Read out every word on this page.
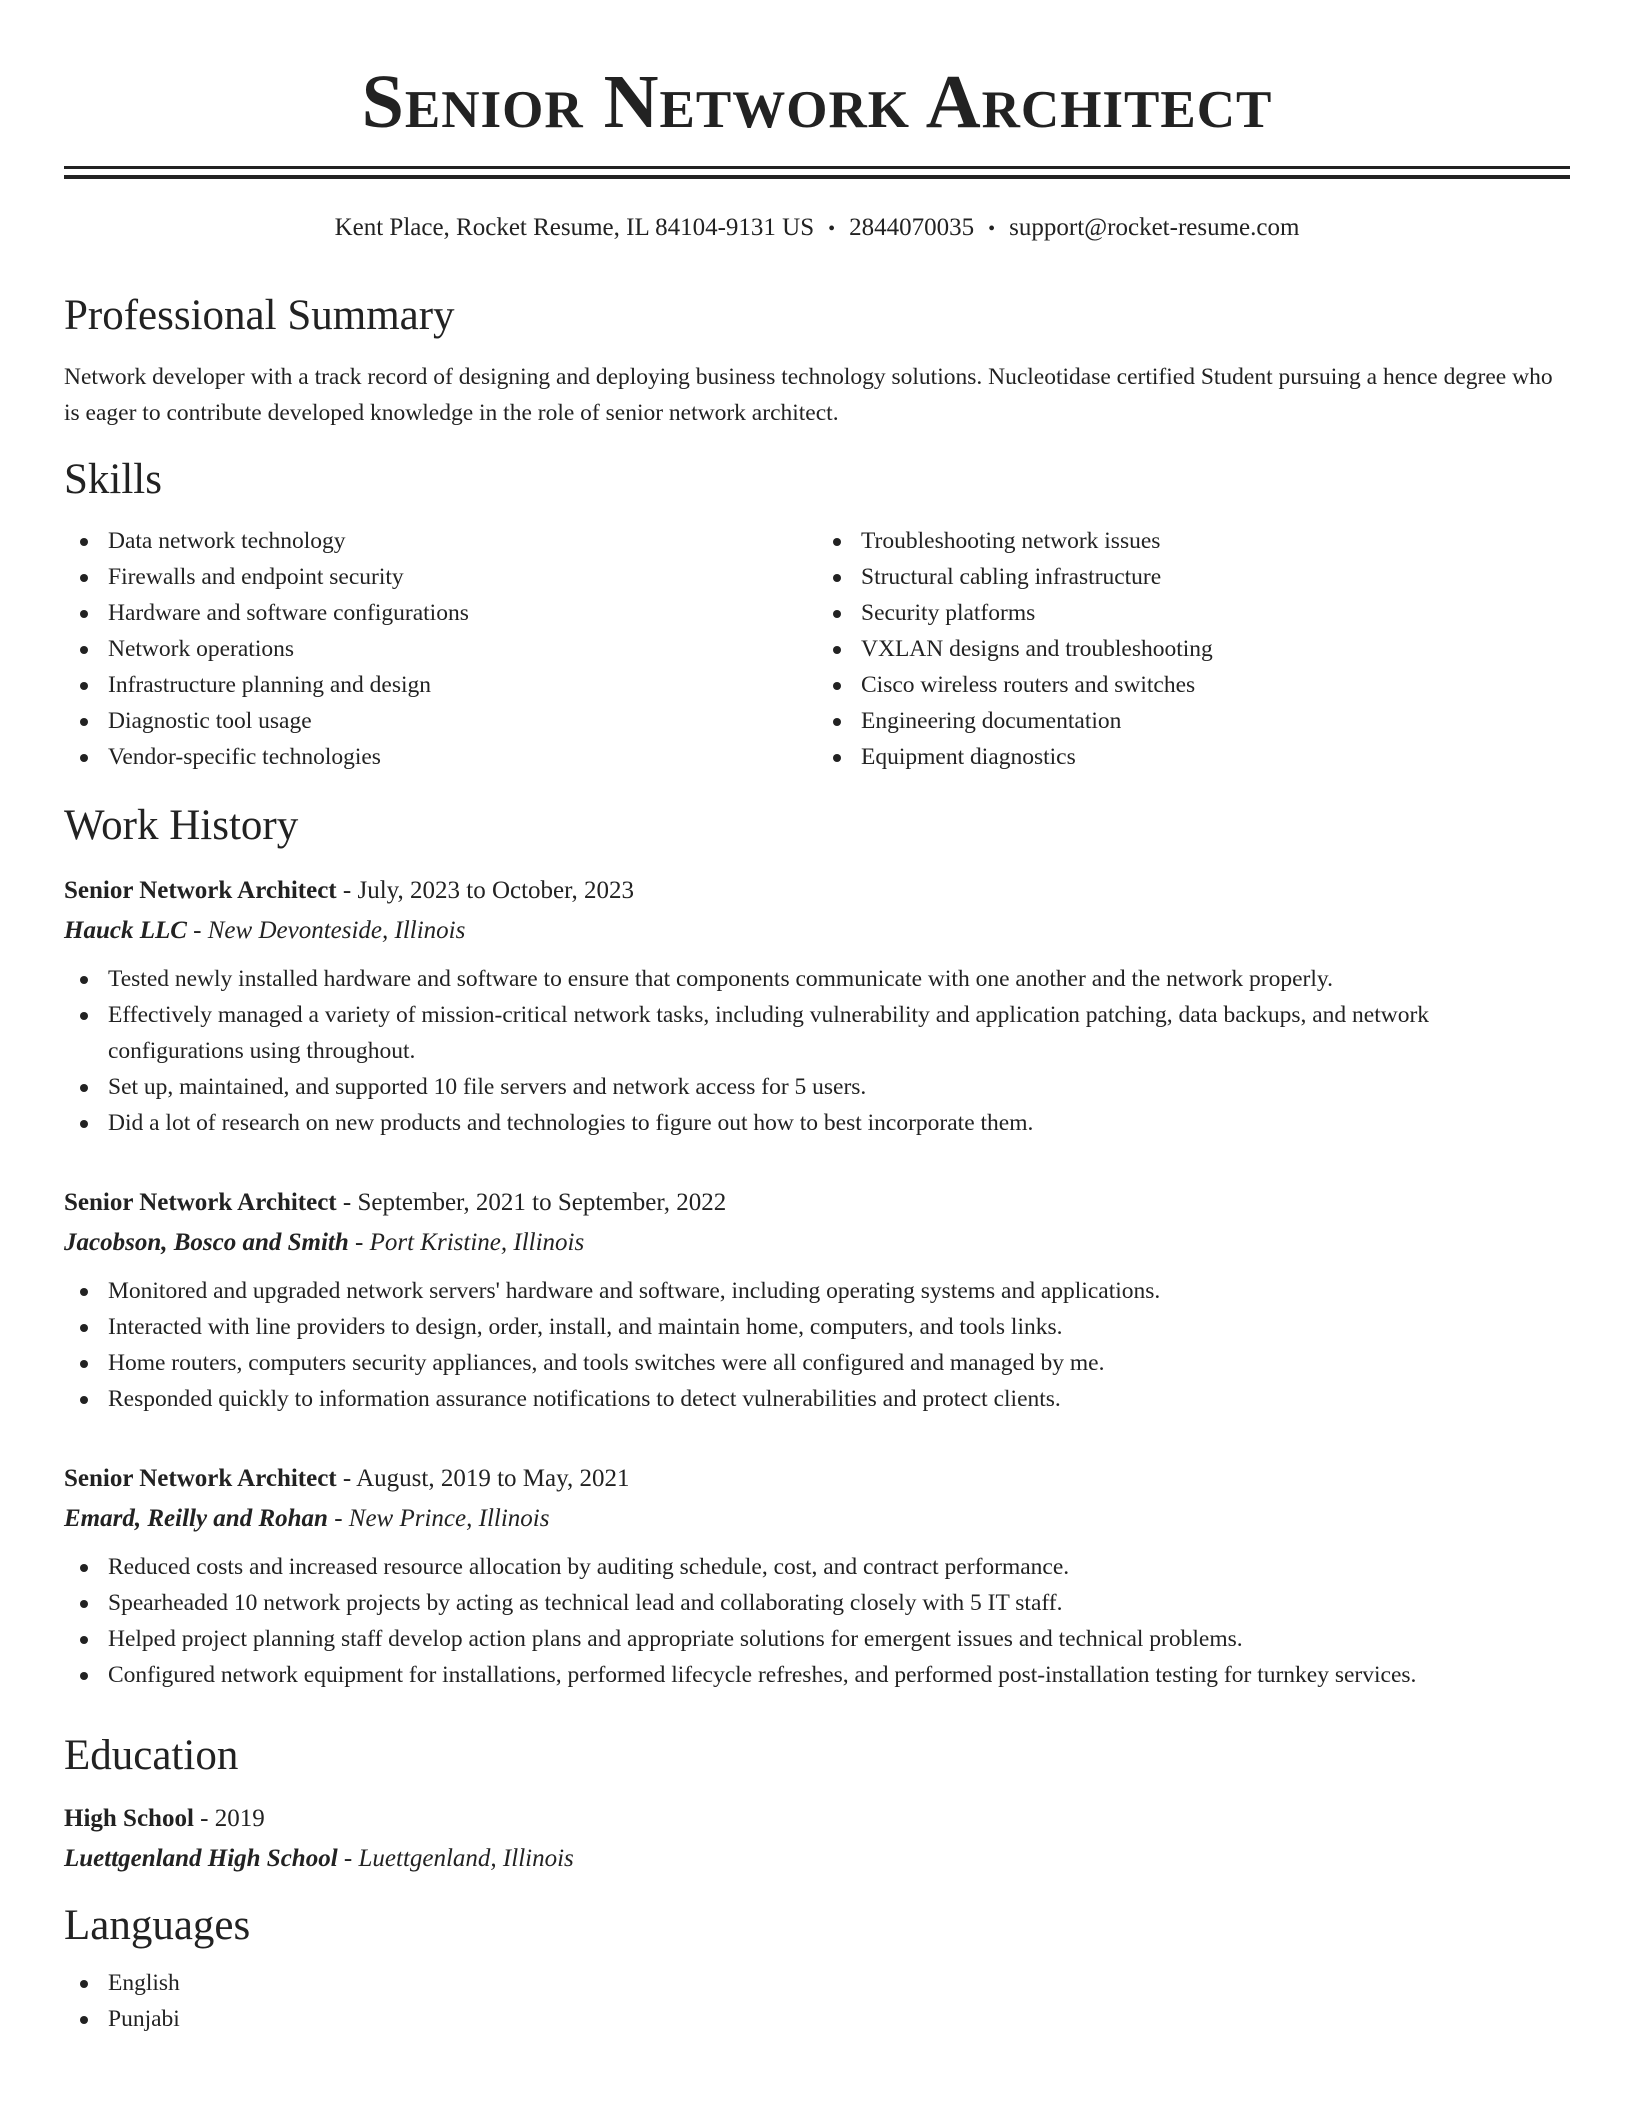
Senior Network Architect
Kent Place, Rocket Resume, IL 84104-9131 US • 2844070035 • support@rocket-resume.com
Professional Summary

Network developer with a track record of designing and deploying business technology solutions. Nucleotidase certified Student pursuing a hence degree who is eager to contribute developed knowledge in the role of senior network architect.

Skills
Data network technology
Firewalls and endpoint security
Hardware and software configurations
Network operations
Infrastructure planning and design
Diagnostic tool usage
Vendor-specific technologies
Troubleshooting network issues
Structural cabling infrastructure
Security platforms
VXLAN designs and troubleshooting
Cisco wireless routers and switches
Engineering documentation
Equipment diagnostics
Work History
Senior Network Architect - July, 2023 to October, 2023
Hauck LLC - New Devonteside, Illinois
Tested newly installed hardware and software to ensure that components communicate with one another and the network properly.
Effectively managed a variety of mission-critical network tasks, including vulnerability and application patching, data backups, and network configurations using throughout.
Set up, maintained, and supported 10 file servers and network access for 5 users.
Did a lot of research on new products and technologies to figure out how to best incorporate them.
Senior Network Architect - September, 2021 to September, 2022
Jacobson, Bosco and Smith - Port Kristine, Illinois
Monitored and upgraded network servers' hardware and software, including operating systems and applications.
Interacted with line providers to design, order, install, and maintain home, computers, and tools links.
Home routers, computers security appliances, and tools switches were all configured and managed by me.
Responded quickly to information assurance notifications to detect vulnerabilities and protect clients.
Senior Network Architect - August, 2019 to May, 2021
Emard, Reilly and Rohan - New Prince, Illinois
Reduced costs and increased resource allocation by auditing schedule, cost, and contract performance.
Spearheaded 10 network projects by acting as technical lead and collaborating closely with 5 IT staff.
Helped project planning staff develop action plans and appropriate solutions for emergent issues and technical problems.
Configured network equipment for installations, performed lifecycle refreshes, and performed post-installation testing for turnkey services.
Education
High School - 2019
Luettgenland High School - Luettgenland, Illinois
Languages
English
Punjabi
